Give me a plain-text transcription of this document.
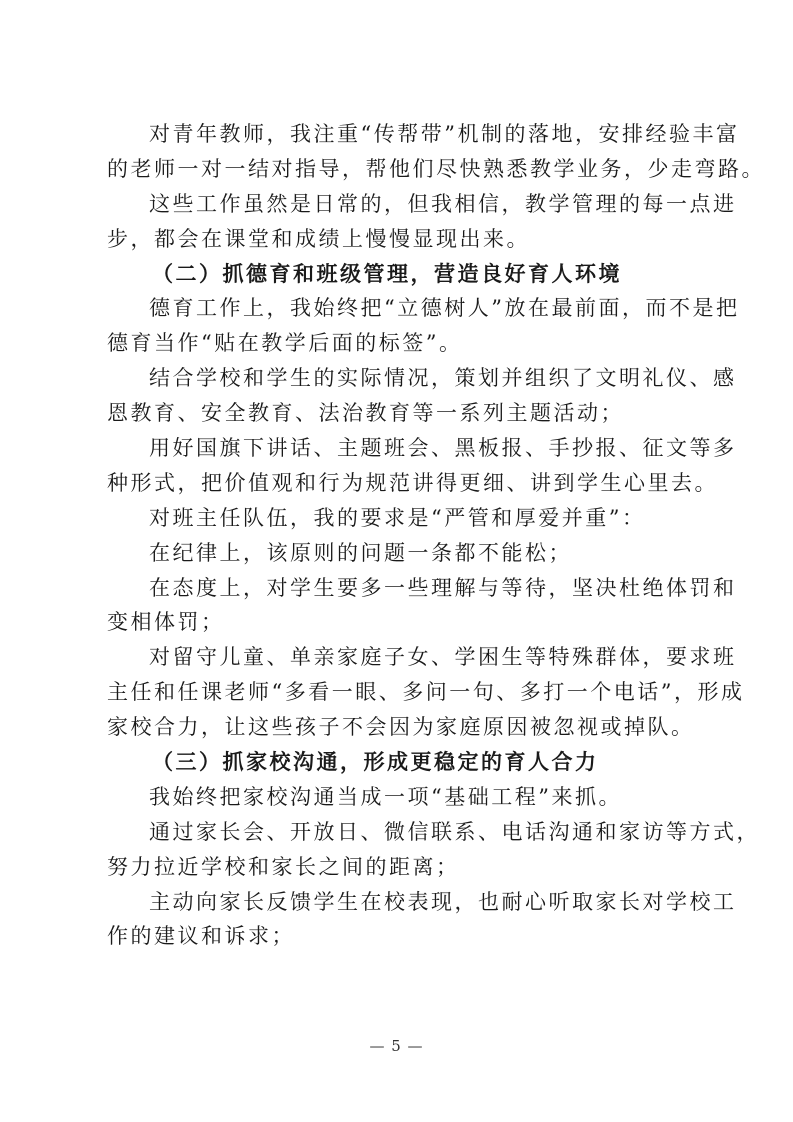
对青年教师，我注重“传帮带”机制的落地，安排经验丰富
的老师一对一结对指导，帮他们尽快熟悉教学业务，少走弯路。
这些工作虽然是日常的，但我相信，教学管理的每一点进
步，都会在课堂和成绩上慢慢显现出来。
（二）抓德育和班级管理，营造良好育人环境
德育工作上，我始终把“立德树人”放在最前面，而不是把
德育当作“贴在教学后面的标签”。
结合学校和学生的实际情况，策划并组织了文明礼仪、感
恩教育、安全教育、法治教育等一系列主题活动；
用好国旗下讲话、主题班会、黑板报、手抄报、征文等多
种形式，把价值观和行为规范讲得更细、讲到学生心里去。
对班主任队伍，我的要求是“严管和厚爱并重”：
在纪律上，该原则的问题一条都不能松；
在态度上，对学生要多一些理解与等待，坚决杜绝体罚和
变相体罚；
对留守儿童、单亲家庭子女、学困生等特殊群体，要求班
主任和任课老师“多看一眼、多问一句、多打一个电话”，形成
家校合力，让这些孩子不会因为家庭原因被忽视或掉队。
（三）抓家校沟通，形成更稳定的育人合力
我始终把家校沟通当成一项“基础工程”来抓。
通过家长会、开放日、微信联系、电话沟通和家访等方式，
努力拉近学校和家长之间的距离；
主动向家长反馈学生在校表现，也耐心听取家长对学校工
作的建议和诉求；
— 5 —
